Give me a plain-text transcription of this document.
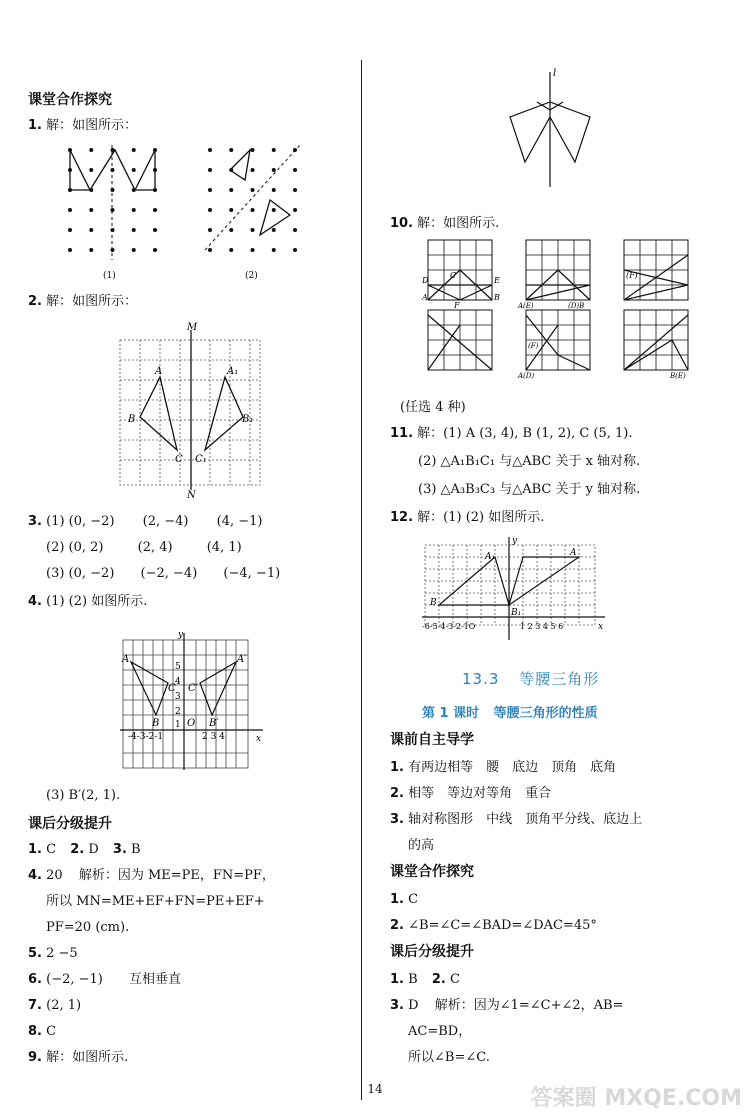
课堂合作探究
1. 解：如图所示：
(1)	(2)
2. 解：如图所示：
M
N
A	A₁
B	B₁
C C₁
3. (1) (0, −2) (2, −4) (4, −1)
(2) (0, 2)	(2, 4)	(4, 1)
(3) (0, −2) (−2, −4) (−4, −1)
4. (1) (2) 如图所示.
y
x
A	A′
B	B′
C C′
O
-4-3-2-1	2 3 4
5
4
3
2
1
(3) B′(2, 1).
课后分级提升
1. C 2. D 3. B
4. 20 解析：因为 ME=PE，FN=PF，
所以 MN=ME+EF+FN=PE+EF+
PF=20 (cm).
5. 2 −5
6. (−2, −1) 互相垂直
7. (2, 1)
8. C
9. 解：如图所示.
l
10. 解：如图所示.
D	E
C
A	B
F	A(E)	(D)B
(F)
A(D)	B(E)
(F)
(任选 4 种)
11. 解：(1) A (3, 4), B (1, 2), C (5, 1).
(2) △A₁B₁C₁ 与△ABC 关于 x 轴对称.
(3) △A₃B₃C₃ 与△ABC 关于 y 轴对称.
12. 解：(1) (2) 如图所示.
y
x
A₁	A
B
B₁
-6-5-4-3-2-1O	1 2 3 4 5 6
13.3 等腰三角形
第 1 课时 等腰三角形的性质
课前自主导学
1. 有两边相等　腰　底边　顶角　底角
2. 相等　等边对等角　重合
3. 轴对称图形　中线　顶角平分线、底边上
的高
课堂合作探究
1. C
2. ∠B=∠C=∠BAD=∠DAC=45°
课后分级提升
1. B 2. C
3. D 解析：因为∠1=∠C+∠2，AB=
AC=BD，
所以∠B=∠C.
14	答案圈 MXQE.COM
